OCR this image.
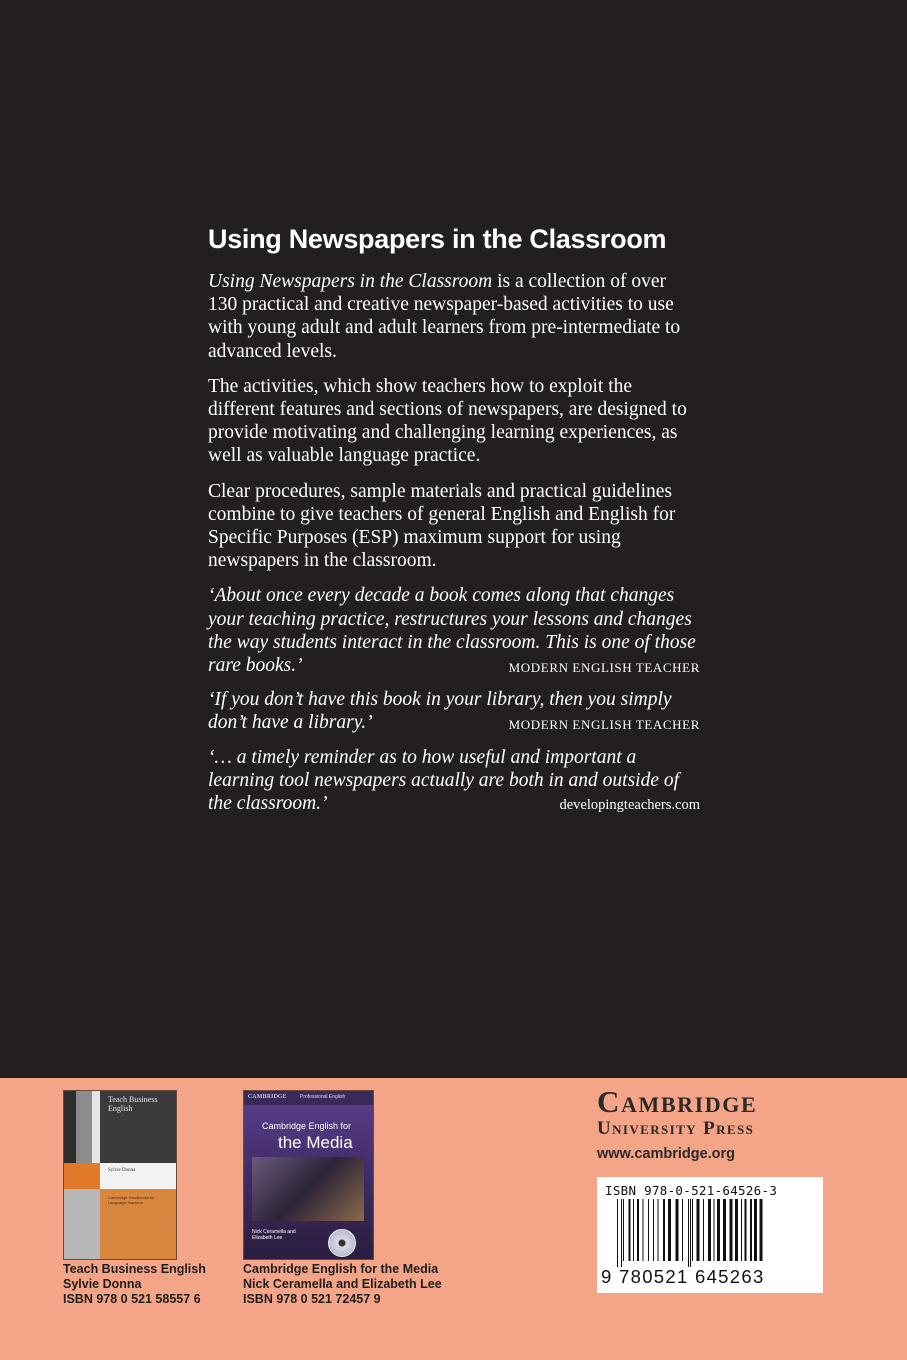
Using Newspapers in the Classroom

Using Newspapers in the Classroom is a collection of over 130 practical and creative newspaper-based activities to use with young adult and adult learners from pre-intermediate to advanced levels.

The activities, which show teachers how to exploit the different features and sections of newspapers, are designed to provide motivating and challenging learning experiences, as well as valuable language practice.

Clear procedures, sample materials and practical guidelines combine to give teachers of general English and English for Specific Purposes (ESP) maximum support for using newspapers in the classroom.

‘About once every decade a book comes along that changes your teaching practice, restructures your lessons and changes the way students interact in the classroom. This is one of those rare books.’	MODERN ENGLISH TEACHER

‘If you don’t have this book in your library, then you simply don’t have a library.’	MODERN ENGLISH TEACHER

‘… a timely reminder as to how useful and important a learning tool newspapers actually are both in and outside of the classroom.’	developingteachers.com

Teach Business English
Sylvie Donna
Cambridge Handbooks for Language Teachers
Teach Business English
Sylvie Donna
ISBN 978 0 521 58557 6
CAMBRIDGE	Professional English
Cambridge English for
the Media
Nick Ceramella and Elizabeth Lee
Cambridge English for the Media
Nick Ceramella and Elizabeth Lee
ISBN 978 0 521 72457 9
Cambridge
University Press
www.cambridge.org
ISBN 978-0-521-64526-3
9 780521 645263
